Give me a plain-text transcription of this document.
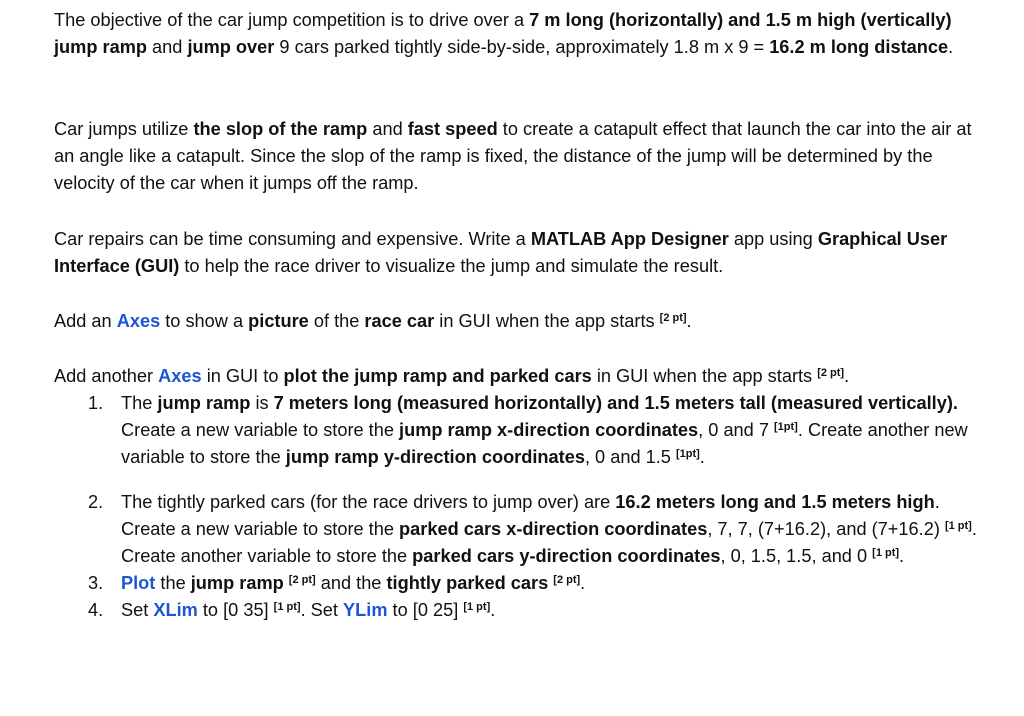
The objective of the car jump competition is to drive over a 7 m long (horizontally) and 1.5 m high (vertically) jump ramp and jump over 9 cars parked tightly side-by-side, approximately 1.8 m x 9 = 16.2 m long distance.

Car jumps utilize the slop of the ramp and fast speed to create a catapult effect that launch the car into the air at an angle like a catapult. Since the slop of the ramp is fixed, the distance of the jump will be determined by the velocity of the car when it jumps off the ramp.

Car repairs can be time consuming and expensive. Write a MATLAB App Designer app using Graphical User Interface (GUI) to help the race driver to visualize the jump and simulate the result.

Add an Axes to show a picture of the race car in GUI when the app starts [2 pt].

Add another Axes in GUI to plot the jump ramp and parked cars in GUI when the app starts [2 pt].

1. The jump ramp is 7 meters long (measured horizontally) and 1.5 meters tall (measured vertically). Create a new variable to store the jump ramp x-direction coordinates, 0 and 7 [1pt]. Create another new variable to store the jump ramp y-direction coordinates, 0 and 1.5 [1pt].
2. The tightly parked cars (for the race drivers to jump over) are 16.2 meters long and 1.5 meters high. Create a new variable to store the parked cars x-direction coordinates, 7, 7, (7+16.2), and (7+16.2) [1 pt]. Create another variable to store the parked cars y-direction coordinates, 0, 1.5, 1.5, and 0 [1 pt].
3. Plot the jump ramp [2 pt] and the tightly parked cars [2 pt].
4. Set XLim to [0 35] [1 pt]. Set YLim to [0 25] [1 pt].
